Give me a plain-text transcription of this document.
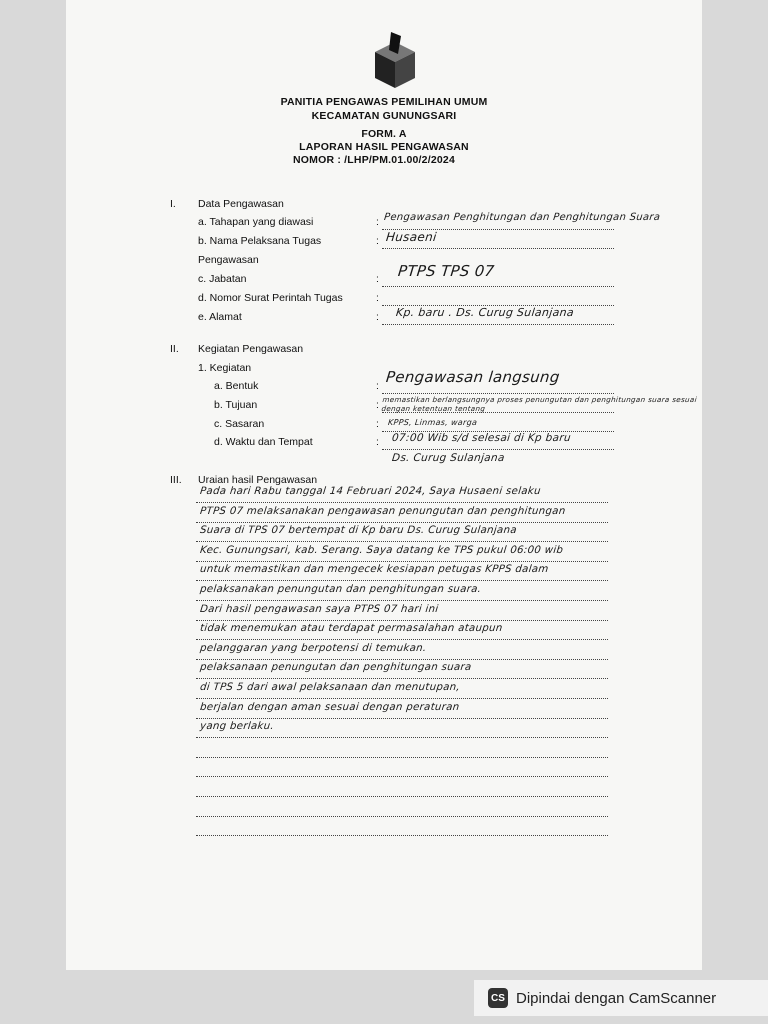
PANITIA PENGAWAS PEMILIHAN UMUM
KECAMATAN GUNUNGSARI
FORM. A
LAPORAN HASIL PENGAWASAN
NOMOR : /LHP/PM.01.00/2/2024
I. Data Pengawasan
a. Tahapan yang diawasi	: Pengawasan Penghitungan dan Penghitungan Suara
b. Nama Pelaksana Tugas	: Husaeni
Pengawasan
c. Jabatan	: PTPS TPS 07
d. Nomor Surat Perintah Tugas	:
e. Alamat	: Kp. baru . Ds. Curug Sulanjana
II. Kegiatan Pengawasan
1. Kegiatan
a. Bentuk	: Pengawasan langsung
b. Tujuan	: memastikan berlangsungnya proses penungutan dan penghitungan suara sesuai dengan ketentuan tentang
c. Sasaran	: KPPS, Linmas, warga
d. Waktu dan Tempat	: 07:00 Wib s/d selesai di Kp baru
Ds. Curug Sulanjana
III. Uraian hasil Pengawasan
Pada hari Rabu tanggal 14 Februari 2024, Saya Husaeni selaku
PTPS 07 melaksanakan pengawasan penungutan dan penghitungan
Suara di TPS 07 bertempat di Kp baru Ds. Curug Sulanjana
Kec. Gunungsari, kab. Serang. Saya datang ke TPS pukul 06:00 wib
untuk memastikan dan mengecek kesiapan petugas KPPS dalam
pelaksanakan penungutan dan penghitungan suara.
Dari hasil pengawasan saya PTPS 07 hari ini
tidak menemukan atau terdapat permasalahan ataupun
pelanggaran yang berpotensi di temukan.
pelaksanaan penungutan dan penghitungan suara
di TPS 5 dari awal pelaksanaan dan menutupan,
berjalan dengan aman sesuai dengan peraturan
yang berlaku.
CS Dipindai dengan CamScanner
